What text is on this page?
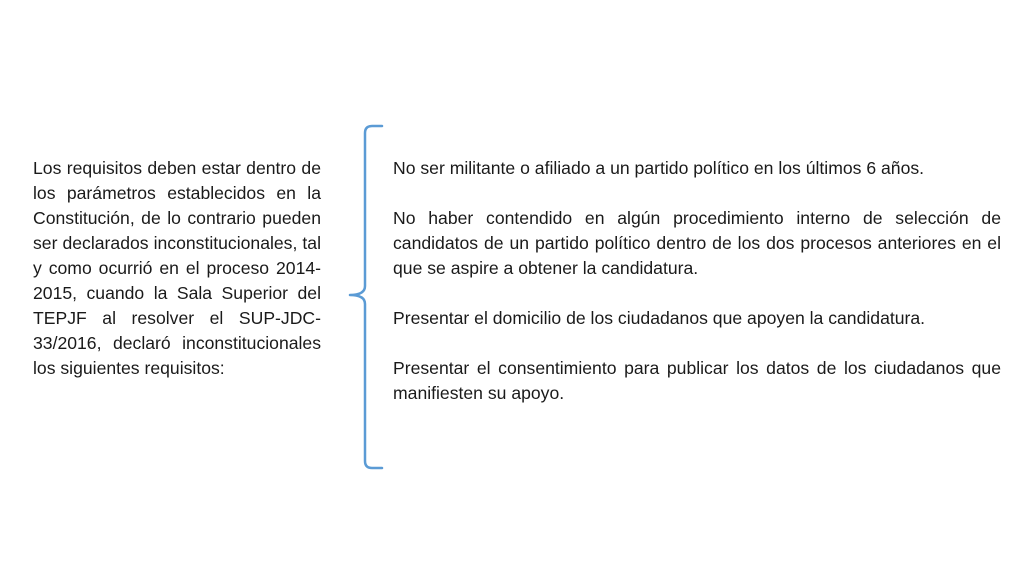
Los requisitos deben estar dentro de los parámetros establecidos en la Constitución, de lo contrario pueden ser declarados inconstitucionales, tal y como ocurrió en el proceso 2014-2015, cuando la Sala Superior del TEPJF al resolver el SUP-JDC-33/2016, declaró inconstitucionales los siguientes requisitos:

No ser militante o afiliado a un partido político en los últimos 6 años.

No haber contendido en algún procedimiento interno de selección de candidatos de un partido político dentro de los dos procesos anteriores en el que se aspire a obtener la candidatura.

Presentar el domicilio de los ciudadanos que apoyen la candidatura.

Presentar el consentimiento para publicar los datos de los ciudadanos que manifiesten su apoyo.
